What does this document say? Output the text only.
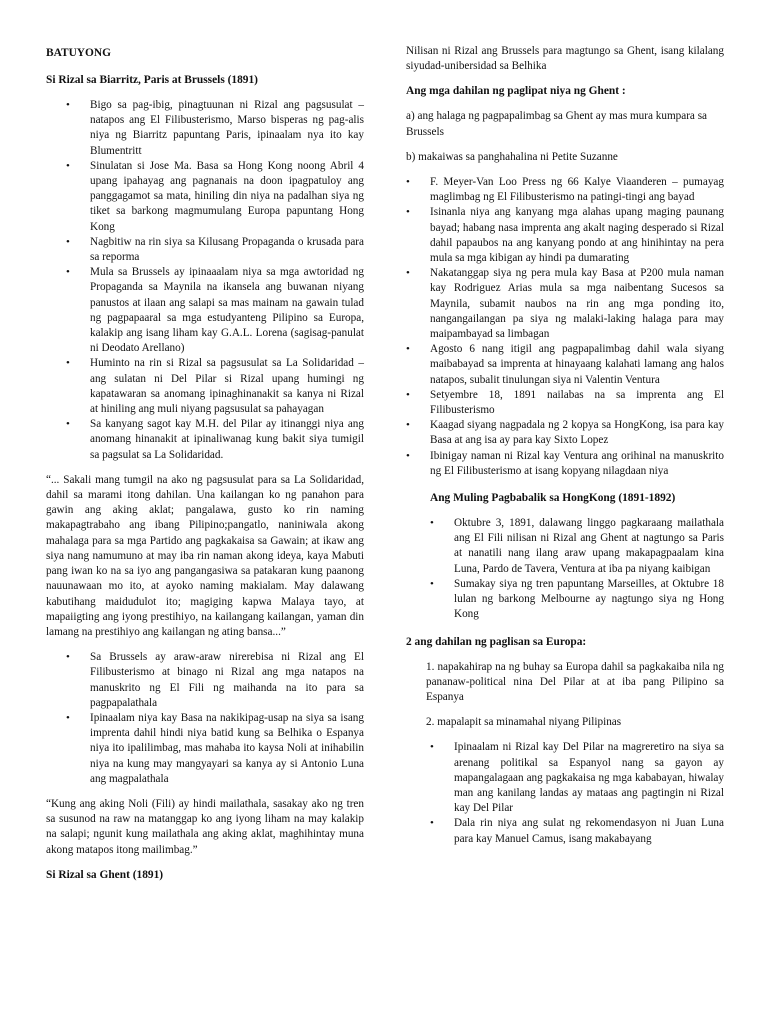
BATUYONG
Si Rizal sa Biarritz, Paris at Brussels (1891)
• Bigo sa pag-ibig, pinagtuunan ni Rizal ang pagsusulat –natapos ang El Filibusterismo, Marso bisperas ng pag-alis niya ng Biarritz papuntang Paris, ipinaalam nya ito kay Blumentritt
• Sinulatan si Jose Ma. Basa sa Hong Kong noong Abril 4 upang ipahayag ang pagnanais na doon ipagpatuloy ang panggagamot sa mata, hiniling din niya na padalhan siya ng tiket sa barkong magmumulang Europa papuntang Hong Kong
• Nagbitiw na rin siya sa Kilusang Propaganda o krusada para sa reporma
• Mula sa Brussels ay ipinaaalam niya sa mga awtoridad ng Propaganda sa Maynila na ikansela ang buwanan niyang panustos at ilaan ang salapi sa mas mainam na gawain tulad ng pagpapaaral sa mga estudyanteng Pilipino sa Europa, kalakip ang isang liham kay G.A.L. Lorena (sagisag-panulat ni Deodato Arellano)
• Huminto na rin si Rizal sa pagsusulat sa La Solidaridad – ang sulatan ni Del Pilar si Rizal upang humingi ng kapatawaran sa anomang ipinaghinanakit sa kanya ni Rizal at hiniling ang muli niyang pagsusulat sa pahayagan
• Sa kanyang sagot kay M.H. del Pilar ay itinanggi niya ang anomang hinanakit at ipinaliwanag kung bakit siya tumigil sa pagsulat sa La Solidaridad.

“... Sakali mang tumgil na ako ng pagsusulat para sa La Solidaridad, dahil sa marami itong dahilan. Una kailangan ko ng panahon para gawin ang aking aklat; pangalawa, gusto ko rin naming makapagtrabaho ang ibang Pilipino;pangatlo, naniniwala akong mahalaga para sa mga Partido ang pagkakaisa sa Gawain; at ikaw ang siya nang namumuno at may iba rin naman akong ideya, kaya Mabuti pang iwan ko na sa iyo ang pangangasiwa sa patakaran kung paanong nauunawaan mo ito, at ayoko naming makialam. May dalawang kabutihang maidudulot ito; magiging kapwa Malaya tayo, at mapaiigting ang iyong prestihiyo, na kailangang kailangan, yaman din lamang na prestihiyo ang kailangan ng ating bansa...”

• Sa Brussels ay araw-araw nirerebisa ni Rizal ang El Filibusterismo at binago ni Rizal ang mga natapos na manuskrito ng El Fili ng maihanda na ito para sa pagpapalathala
• Ipinaalam niya kay Basa na nakikipag-usap na siya sa isang imprenta dahil hindi niya batid kung sa Belhika o Espanya niya ito ipalilimbag, mas mahaba ito kaysa Noli at inihabilin niya na kung may mangyayari sa kanya ay si Antonio Luna ang magpalathala

“Kung ang aking Noli (Fili) ay hindi mailathala, sasakay ako ng tren sa susunod na raw na matanggap ko ang iyong liham na may kalakip na salapi; ngunit kung mailathala ang aking aklat, maghihintay muna akong matapos itong mailimbag.”

Si Rizal sa Ghent (1891)

Nilisan ni Rizal ang Brussels para magtungo sa Ghent, isang kilalang siyudad-unibersidad sa Belhika

Ang mga dahilan ng paglipat niya ng Ghent :

a) ang halaga ng pagpapalimbag sa Ghent ay mas mura kumpara sa Brussels

b) makaiwas sa panghahalina ni Petite Suzanne

• F. Meyer-Van Loo Press ng 66 Kalye Viaanderen – pumayag maglimbag ng El Filibusterismo na patingi-tingi ang bayad
• Isinanla niya ang kanyang mga alahas upang maging paunang bayad; habang nasa imprenta ang akalt naging desperado si Rizal dahil papaubos na ang kanyang pondo at ang hinihintay na pera mula sa mga kibigan ay hindi pa dumarating
• Nakatanggap siya ng pera mula kay Basa at P200 mula naman kay Rodriguez Arias mula sa mga naibentang Sucesos sa Maynila, subamit naubos na rin ang mga ponding ito, nangangailangan pa siya ng malaki-laking halaga para may maipambayad sa limbagan
• Agosto 6 nang itigil ang pagpapalimbag dahil wala siyang maibabayad sa imprenta at hinayaang kalahati lamang ang halos natapos, subalit tinulungan siya ni Valentin Ventura
• Setyembre 18, 1891 nailabas na sa imprenta ang El Filibusterismo
• Kaagad siyang nagpadala ng 2 kopya sa HongKong, isa para kay Basa at ang isa ay para kay Sixto Lopez
• Ibinigay naman ni Rizal kay Ventura ang orihinal na manuskrito ng El Filibusterismo at isang kopyang nilagdaan niya
Ang Muling Pagbabalik sa HongKong (1891-1892)
• Oktubre 3, 1891, dalawang linggo pagkaraang mailathala ang El Fili nilisan ni Rizal ang Ghent at nagtungo sa Paris at nanatili nang ilang araw upang makapagpaalam kina Luna, Pardo de Tavera, Ventura at iba pa niyang kaibigan
• Sumakay siya ng tren papuntang Marseilles, at Oktubre 18 lulan ng barkong Melbourne ay nagtungo siya ng Hong Kong
2 ang dahilan ng paglisan sa Europa:

1. napakahirap na ng buhay sa Europa dahil sa pagkakaiba nila ng pananaw-political nina Del Pilar at at iba pang Pilipino sa Espanya

2. mapalapit sa minamahal niyang Pilipinas

• Ipinaalam ni Rizal kay Del Pilar na magreretiro na siya sa arenang politikal sa Espanyol nang sa gayon ay mapangalagaan ang pagkakaisa ng mga kababayan, hiwalay man ang kanilang landas ay mataas ang pagtingin ni Rizal kay Del Pilar
• Dala rin niya ang sulat ng rekomendasyon ni Juan Luna para kay Manuel Camus, isang makabayang
